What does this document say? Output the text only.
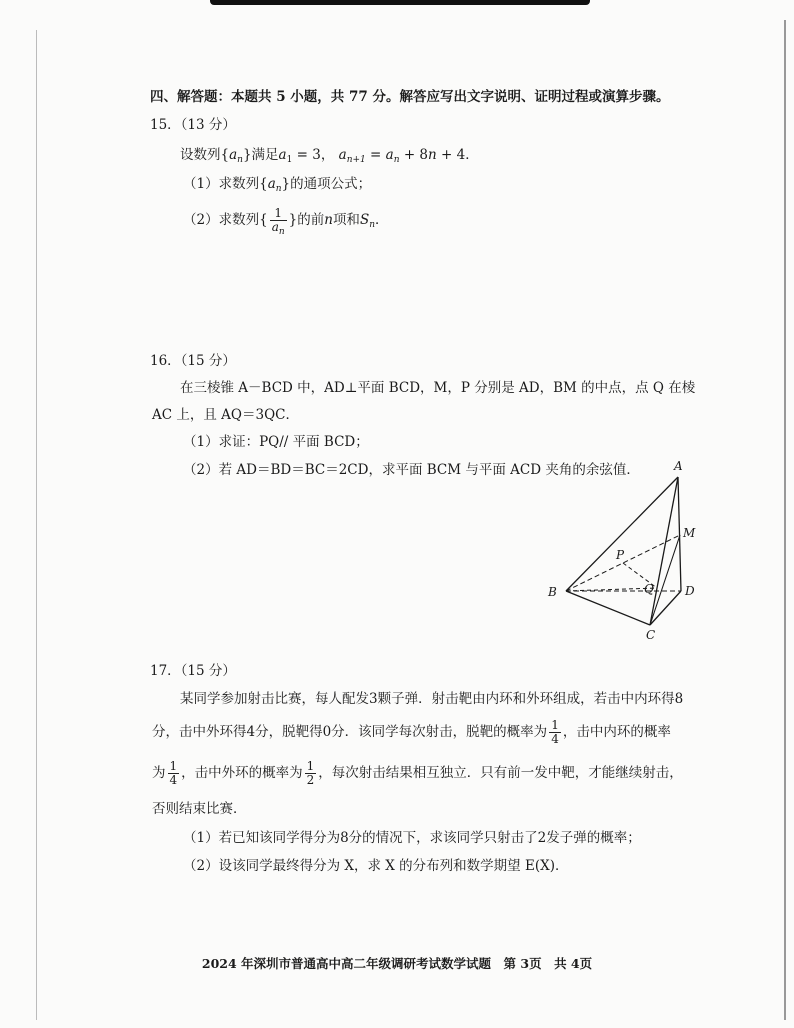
四、解答题：本题共 5 小题，共 77 分。解答应写出文字说明、证明过程或演算步骤。
15．（13 分）
设数列$\{a_n\}$满足$a_1 = 3$， $a_{n+1} = a_n + 8n + 4$．
（1）求数列$\{a_n\}$的通项公式；
（2）求数列{ $\frac{1}{a_n}$ }的前n项和$S_n$．
16．（15 分）
在三棱锥 A－BCD 中，AD⊥平面 BCD，M，P 分别是 AD，BM 的中点，点 Q 在棱
AC 上，且 AQ＝3QC．
（1）求证：PQ// 平面 BCD；
（2）若 AD＝BD＝BC＝2CD，求平面 BCM 与平面 ACD 夹角的余弦值．	A
M
P
Q
B	D
C
17．（15 分）
某同学参加射击比赛，每人配发3颗子弹．射击靶由内环和外环组成，若击中内环得8
分，击中外环得4分，脱靶得0分．该同学每次射击，脱靶的概率为 $\frac{1}{4}$ ，击中内环的概率
为 $\frac{1}{4}$ ，击中外环的概率为 $\frac{1}{2}$ ，每次射击结果相互独立．只有前一发中靶，才能继续射击，
否则结束比赛．
（1）若已知该同学得分为8分的情况下，求该同学只射击了2发子弹的概率；
（2）设该同学最终得分为 X，求 X 的分布列和数学期望 E(X)．
2024 年深圳市普通高中高二年级调研考试数学试题　第 3页　共 4页
